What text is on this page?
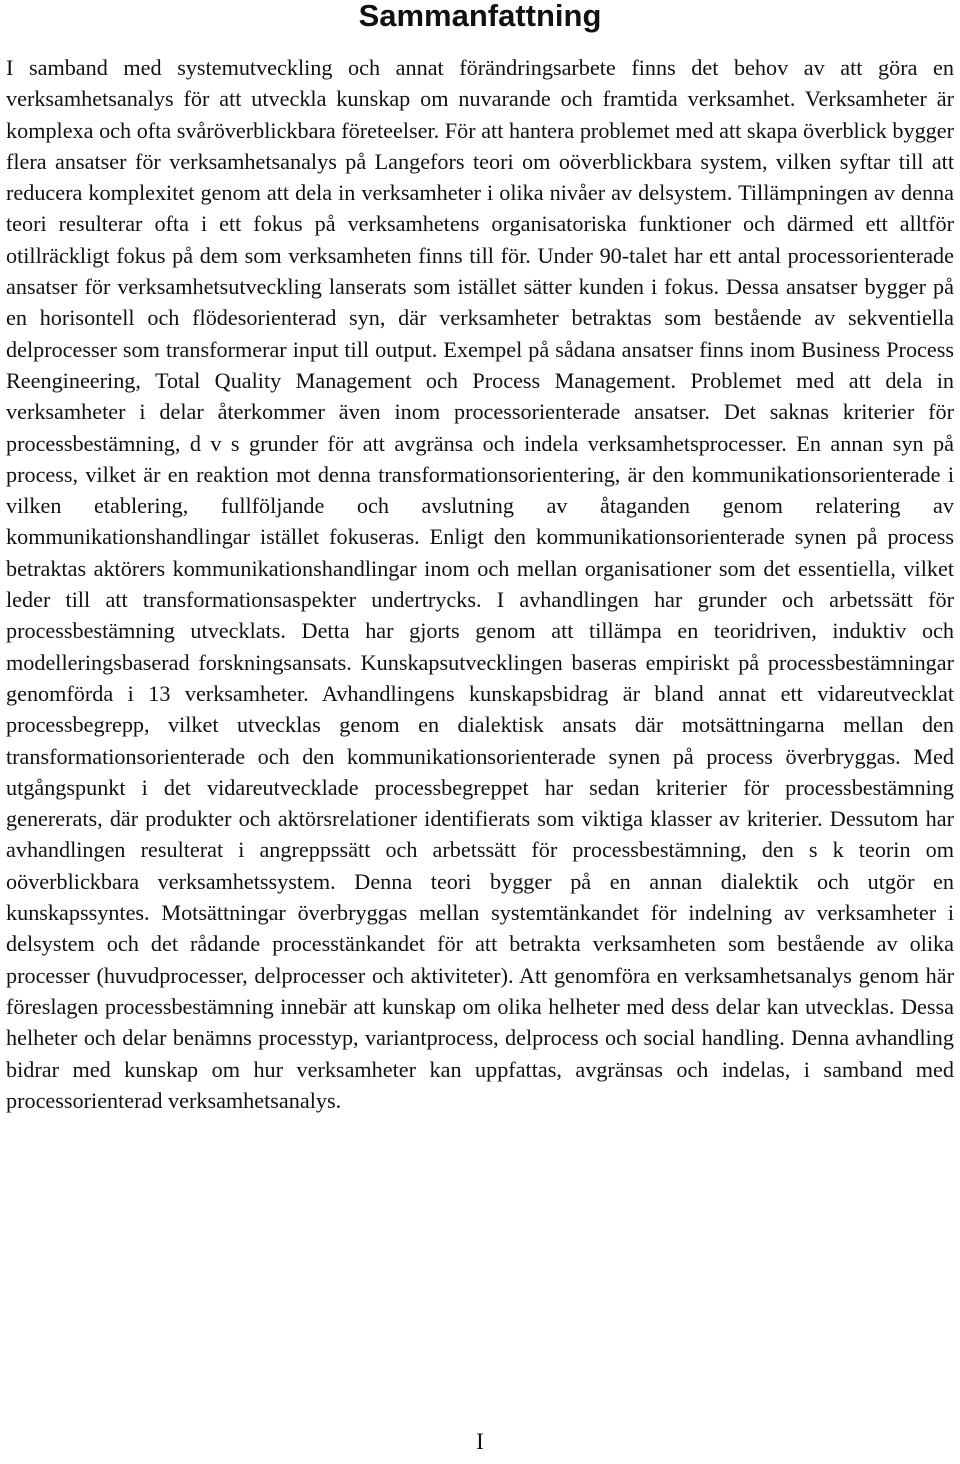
Sammanfattning

I samband med systemutveckling och annat förändringsarbete finns det behov av att göra en verksamhetsanalys för att utveckla kunskap om nuvarande och framtida verksamhet. Verksamheter är komplexa och ofta svåröverblickbara företeelser. För att hantera problemet med att skapa överblick bygger flera ansatser för verksamhetsanalys på Langefors teori om oöverblickbara system, vilken syftar till att reducera komplexitet genom att dela in verksamheter i olika nivåer av delsystem. Tillämpningen av denna teori resulterar ofta i ett fokus på verksamhetens organisatoriska funktioner och därmed ett alltför otillräckligt fokus på dem som verksamheten finns till för. Under 90-talet har ett antal processorienterade ansatser för verksamhetsutveckling lanserats som istället sätter kunden i fokus. Dessa ansatser bygger på en horisontell och flödesorienterad syn, där verksamheter betraktas som bestående av sekventiella delprocesser som transformerar input till output. Exempel på sådana ansatser finns inom Business Process Reengineering, Total Quality Management och Process Management. Problemet med att dela in verksamheter i delar återkommer även inom processorienterade ansatser. Det saknas kriterier för processbestämning, d v s grunder för att avgränsa och indela verksamhetsprocesser. En annan syn på process, vilket är en reaktion mot denna transformationsorientering, är den kommunikationsorienterade i vilken etablering, fullföljande och avslutning av åtaganden genom relatering av kommunikationshandlingar istället fokuseras. Enligt den kommunikationsorienterade synen på process betraktas aktörers kommunikationshandlingar inom och mellan organisationer som det essentiella, vilket leder till att transformationsaspekter undertrycks. I avhandlingen har grunder och arbetssätt för processbestämning utvecklats. Detta har gjorts genom att tillämpa en teoridriven, induktiv och modelleringsbaserad forskningsansats. Kunskapsutvecklingen baseras empiriskt på processbestämningar genomförda i 13 verksamheter. Avhandlingens kunskapsbidrag är bland annat ett vidareutvecklat processbegrepp, vilket utvecklas genom en dialektisk ansats där motsättningarna mellan den transformationsorienterade och den kommunikationsorienterade synen på process överbryggas. Med utgångspunkt i det vidareutvecklade processbegreppet har sedan kriterier för processbestämning genererats, där produkter och aktörsrelationer identifierats som viktiga klasser av kriterier. Dessutom har avhandlingen resulterat i angreppssätt och arbetssätt för processbestämning, den s k teorin om oöverblickbara verksamhetssystem. Denna teori bygger på en annan dialektik och utgör en kunskapssyntes. Motsättningar överbryggas mellan systemtänkandet för indelning av verksamheter i delsystem och det rådande processtänkandet för att betrakta verksamheten som bestående av olika processer (huvudprocesser, delprocesser och aktiviteter). Att genomföra en verksamhetsanalys genom här föreslagen processbestämning innebär att kunskap om olika helheter med dess delar kan utvecklas. Dessa helheter och delar benämns processtyp, variantprocess, delprocess och social handling. Denna avhandling bidrar med kunskap om hur verksamheter kan uppfattas, avgränsas och indelas, i samband med processorienterad verksamhetsanalys.

I
